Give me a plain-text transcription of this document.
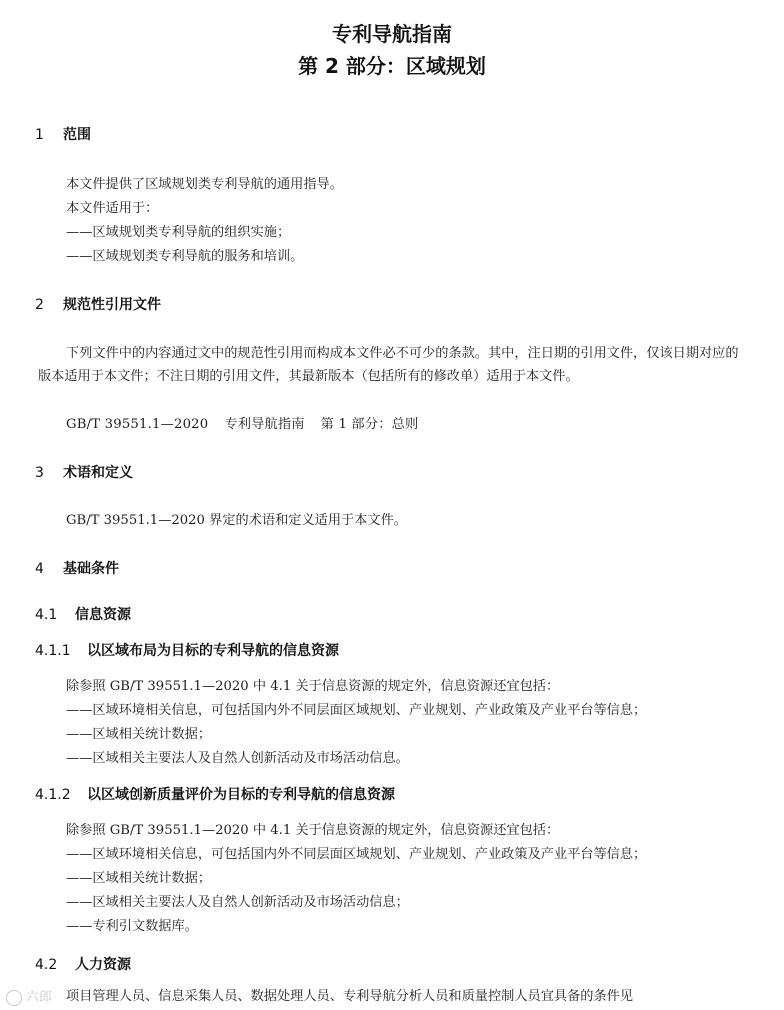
专利导航指南
第 2 部分：区域规划
1 范围
本文件提供了区域规划类专利导航的通用指导。
本文件适用于：
——区域规划类专利导航的组织实施；
——区域规划类专利导航的服务和培训。
2 规范性引用文件
下列文件中的内容通过文中的规范性引用而构成本文件必不可少的条款。其中，注日期的引用文件，仅该日期对应的版本适用于本文件；不注日期的引用文件，其最新版本（包括所有的修改单）适用于本文件。
GB/T 39551.1—2020 专利导航指南 第 1 部分：总则
3 术语和定义
GB/T 39551.1—2020 界定的术语和定义适用于本文件。
4 基础条件
4.1 信息资源
4.1.1 以区域布局为目标的专利导航的信息资源
除参照 GB/T 39551.1—2020 中 4.1 关于信息资源的规定外，信息资源还宜包括：
——区域环境相关信息，可包括国内外不同层面区域规划、产业规划、产业政策及产业平台等信息；
——区域相关统计数据；
——区域相关主要法人及自然人创新活动及市场活动信息。
4.1.2 以区域创新质量评价为目标的专利导航的信息资源
除参照 GB/T 39551.1—2020 中 4.1 关于信息资源的规定外，信息资源还宜包括：
——区域环境相关信息，可包括国内外不同层面区域规划、产业规划、产业政策及产业平台等信息；
——区域相关统计数据；
——区域相关主要法人及自然人创新活动及市场活动信息；
——专利引文数据库。
4.2 人力资源
项目管理人员、信息采集人员、数据处理人员、专利导航分析人员和质量控制人员宜具备的条件见
六郎
